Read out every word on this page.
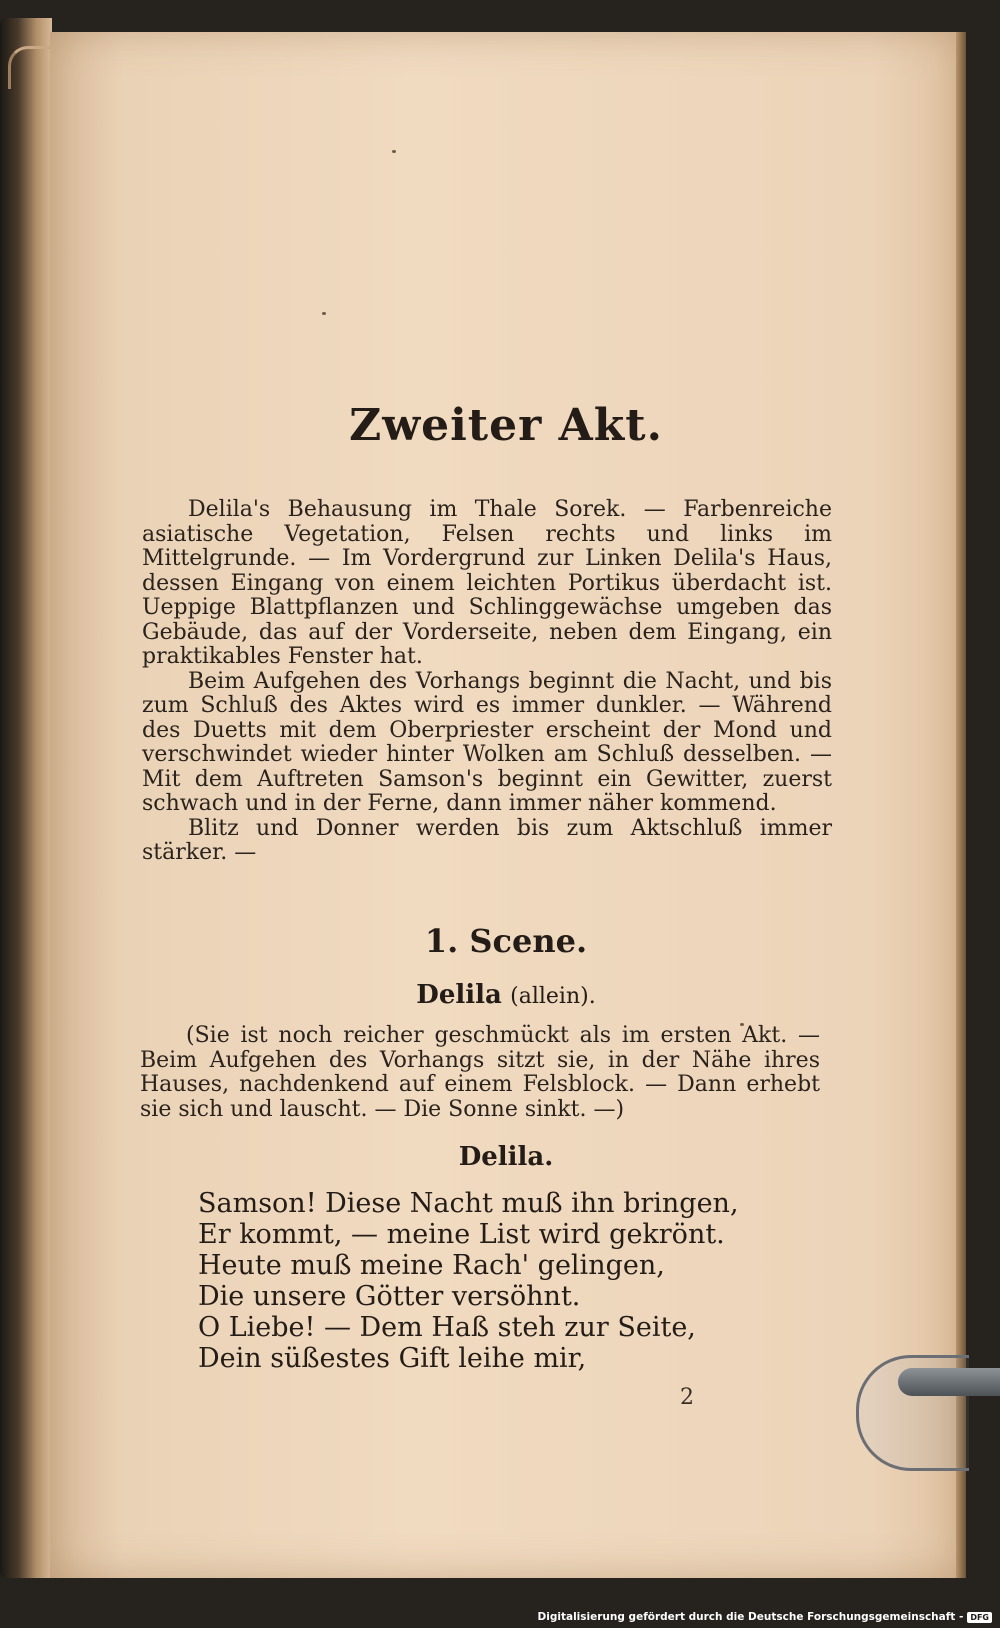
Zweiter Akt.

Delila's Behausung im Thale Sorek. — Farbenreiche asiatische Vegetation, Felsen rechts und links im Mittelgrunde. — Im Vordergrund zur Linken Delila's Haus, dessen Eingang von einem leichten Portikus überdacht ist. Ueppige Blattpflanzen und Schlinggewächse umgeben das Gebäude, das auf der Vorderseite, neben dem Eingang, ein praktikables Fenster hat.

Beim Aufgehen des Vorhangs beginnt die Nacht, und bis zum Schluß des Aktes wird es immer dunkler. — Während des Duetts mit dem Oberpriester erscheint der Mond und verschwindet wieder hinter Wolken am Schluß desselben. — Mit dem Auftreten Samson's beginnt ein Gewitter, zuerst schwach und in der Ferne, dann immer näher kommend.

Blitz und Donner werden bis zum Aktschluß immer stärker. —

1. Scene.
Delila (allein).

(Sie ist noch reicher geschmückt als im ersten Akt. — Beim Aufgehen des Vorhangs sitzt sie, in der Nähe ihres Hauses, nachdenkend auf einem Felsblock. — Dann erhebt sie sich und lauscht. — Die Sonne sinkt. —)

Delila.
Samson! Diese Nacht muß ihn bringen,
Er kommt, — meine List wird gekrönt.
Heute muß meine Rach' gelingen,
Die unsere Götter versöhnt.
O Liebe! — Dem Haß steh zur Seite,
Dein süßestes Gift leihe mir,
2
Digitalisierung gefördert durch die Deutsche Forschungsgemeinschaft - DFG
